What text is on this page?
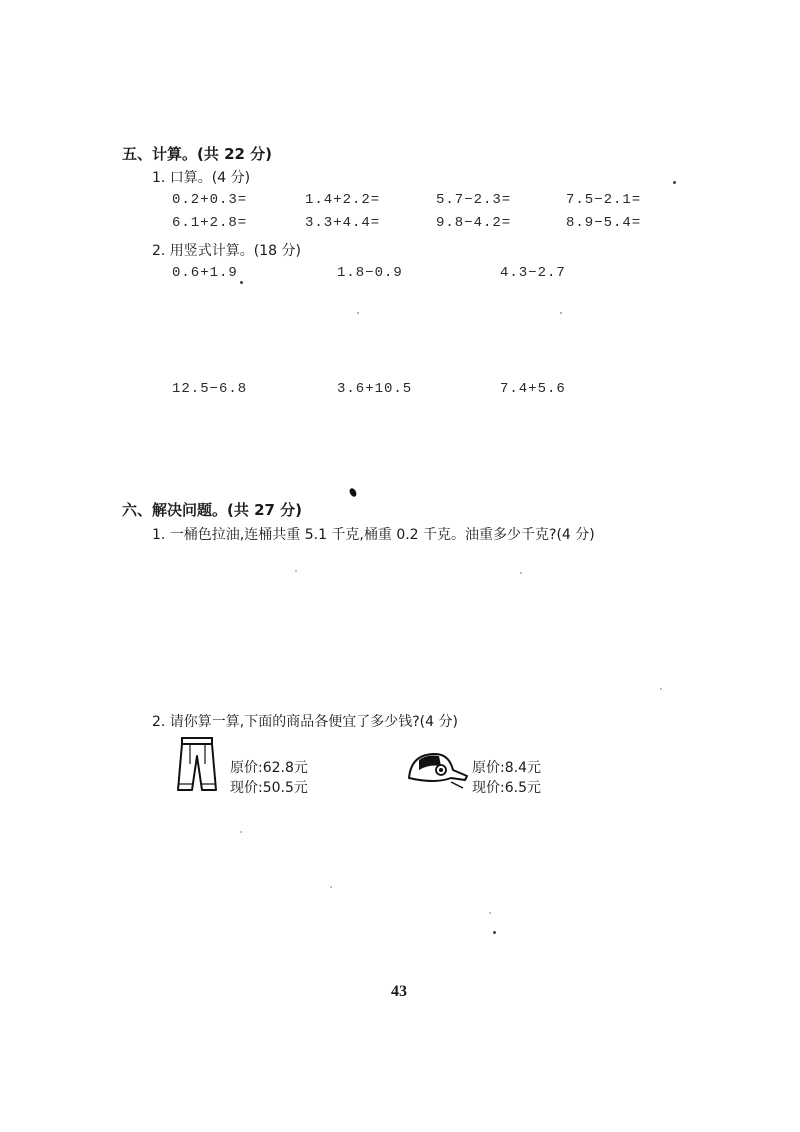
五、计算。(共 22 分)
1. 口算。(4 分)
0.2+0.3=	1.4+2.2=	5.7−2.3=	7.5−2.1=
6.1+2.8=	3.3+4.4=	9.8−4.2=	8.9−5.4=
2. 用竖式计算。(18 分)
0.6+1.9	1.8−0.9	4.3−2.7
12.5−6.8	3.6+10.5	7.4+5.6
六、解决问题。(共 27 分)
1. 一桶色拉油,连桶共重 5.1 千克,桶重 0.2 千克。油重多少千克?(4 分)
2. 请你算一算,下面的商品各便宜了多少钱?(4 分)
原价:62.8元
现价:50.5元
原价:8.4元
现价:6.5元
43
